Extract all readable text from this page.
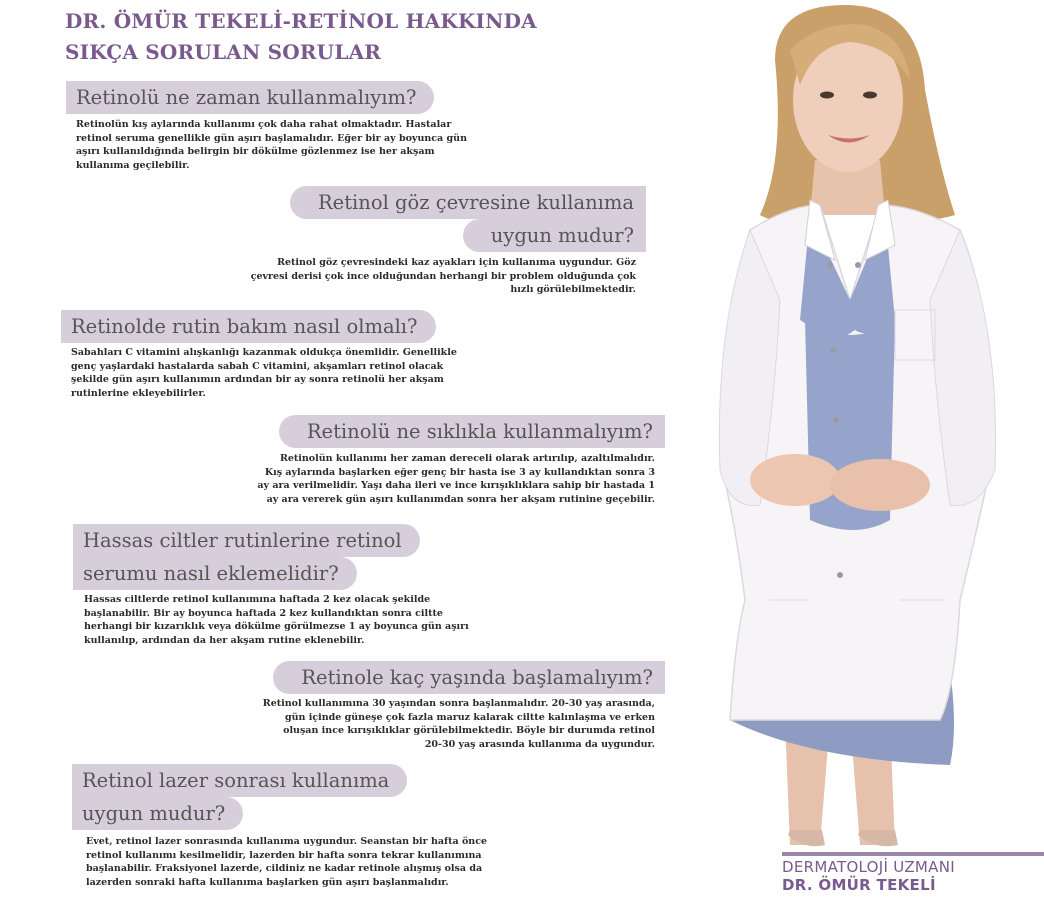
DR. ÖMÜR TEKELİ-RETİNOL HAKKINDA
SIKÇA SORULAN SORULAR
Retinolü ne zaman kullanmalıyım?
Retinolün kış aylarında kullanımı çok daha rahat olmaktadır. Hastalar
retinol seruma genellikle gün aşırı başlamalıdır. Eğer bir ay boyunca gün
aşırı kullanıldığında belirgin bir dökülme gözlenmez ise her akşam
kullanıma geçilebilir.
Retinol göz çevresine kullanıma
uygun mudur?
Retinol göz çevresindeki kaz ayakları için kullanıma uygundur. Göz
çevresi derisi çok ince olduğundan herhangi bir problem olduğunda çok
hızlı görülebilmektedir.
Retinolde rutin bakım nasıl olmalı?
Sabahları C vitamini alışkanlığı kazanmak oldukça önemlidir. Genellikle
genç yaşlardaki hastalarda sabah C vitamini, akşamları retinol olacak
şekilde gün aşırı kullanımın ardından bir ay sonra retinolü her akşam
rutinlerine ekleyebilirler.
Retinolü ne sıklıkla kullanmalıyım?
Retinolün kullanımı her zaman dereceli olarak artırılıp, azaltılmalıdır.
Kış aylarında başlarken eğer genç bir hasta ise 3 ay kullandıktan sonra 3
ay ara verilmelidir. Yaşı daha ileri ve ince kırışıklıklara sahip bir hastada 1
ay ara vererek gün aşırı kullanımdan sonra her akşam rutinine geçebilir.
Hassas ciltler rutinlerine retinol
serumu nasıl eklemelidir?
Hassas ciltlerde retinol kullanımına haftada 2 kez olacak şekilde
başlanabilir. Bir ay boyunca haftada 2 kez kullandıktan sonra ciltte
herhangi bir kızarıklık veya dökülme görülmezse 1 ay boyunca gün aşırı
kullanılıp, ardından da her akşam rutine eklenebilir.
Retinole kaç yaşında başlamalıyım?
Retinol kullanımına 30 yaşından sonra başlanmalıdır. 20-30 yaş arasında,
gün içinde güneşe çok fazla maruz kalarak ciltte kalınlaşma ve erken
oluşan ince kırışıklıklar görülebilmektedir. Böyle bir durumda retinol
20-30 yaş arasında kullanıma da uygundur.
Retinol lazer sonrası kullanıma
uygun mudur?
Evet, retinol lazer sonrasında kullanıma uygundur. Seanstan bir hafta önce
retinol kullanımı kesilmelidir, lazerden bir hafta sonra tekrar kullanımına
başlanabilir. Fraksiyonel lazerde, cildiniz ne kadar retinole alışmış olsa da
lazerden sonraki hafta kullanıma başlarken gün aşırı başlanmalıdır.
DERMATOLOJİ UZMANI
DR. ÖMÜR TEKELİ
